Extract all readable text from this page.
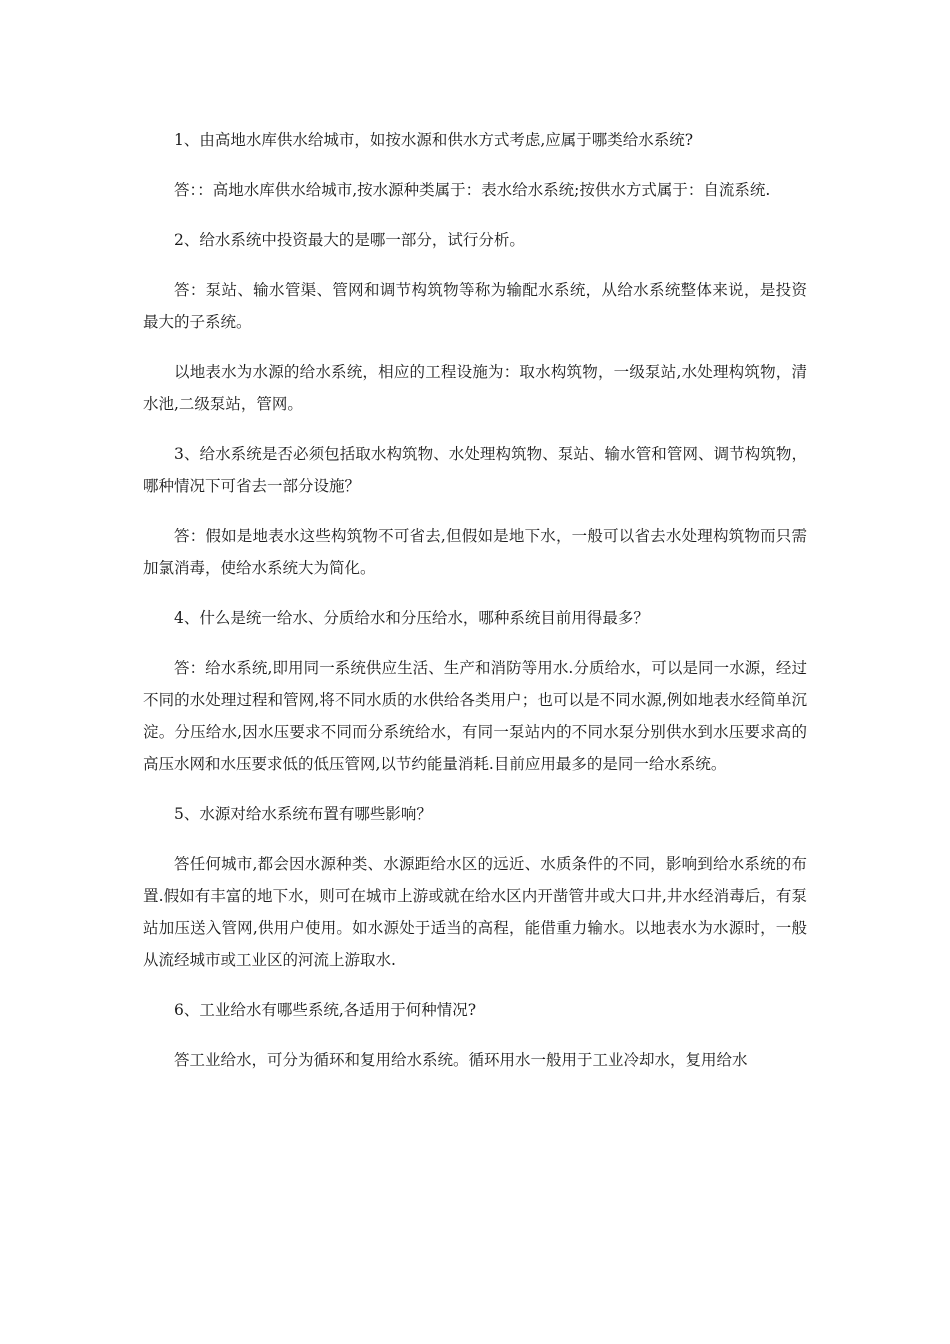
1、由高地水库供水给城市，如按水源和供水方式考虑,应属于哪类给水系统?

答：：高地水库供水给城市,按水源种类属于：表水给水系统;按供水方式属于：自流系统.

2、给水系统中投资最大的是哪一部分，试行分析。

答：泵站、输水管渠、管网和调节构筑物等称为输配水系统，从给水系统整体来说，是投资最大的子系统。

以地表水为水源的给水系统，相应的工程设施为：取水构筑物，一级泵站,水处理构筑物，清水池,二级泵站，管网。

3、给水系统是否必须包括取水构筑物、水处理构筑物、泵站、输水管和管网、调节构筑物，哪种情况下可省去一部分设施？

答：假如是地表水这些构筑物不可省去,但假如是地下水，一般可以省去水处理构筑物而只需加氯消毒，使给水系统大为简化。

4、什么是统一给水、分质给水和分压给水，哪种系统目前用得最多？

答：给水系统,即用同一系统供应生活、生产和消防等用水.分质给水，可以是同一水源，经过不同的水处理过程和管网,将不同水质的水供给各类用户；也可以是不同水源,例如地表水经简单沉淀。分压给水,因水压要求不同而分系统给水，有同一泵站内的不同水泵分别供水到水压要求高的高压水网和水压要求低的低压管网,以节约能量消耗.目前应用最多的是同一给水系统。

5、水源对给水系统布置有哪些影响？

答任何城市,都会因水源种类、水源距给水区的远近、水质条件的不同，影响到给水系统的布置.假如有丰富的地下水，则可在城市上游或就在给水区内开凿管井或大口井,井水经消毒后，有泵站加压送入管网,供用户使用。如水源处于适当的高程，能借重力输水。以地表水为水源时，一般从流经城市或工业区的河流上游取水.

6、工业给水有哪些系统,各适用于何种情况?

答工业给水，可分为循环和复用给水系统。循环用水一般用于工业冷却水，复用给水
